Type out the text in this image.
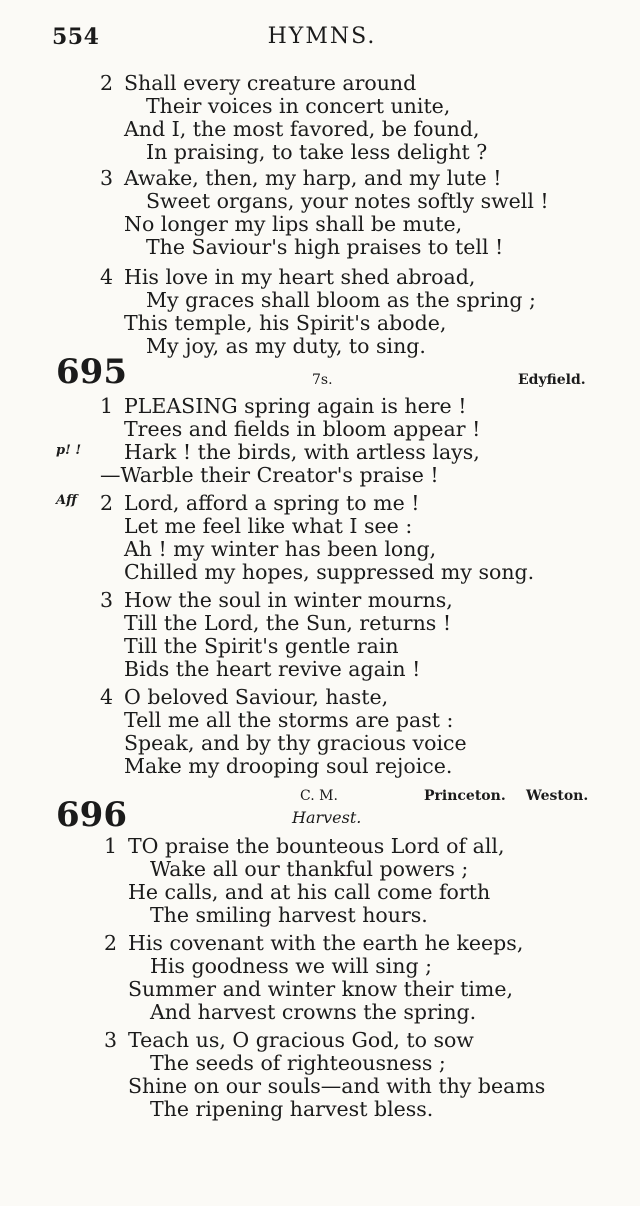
554	HYMNS.
2 Shall every creature around
Their voices in concert unite,
And I, the most favored, be found,
In praising, to take less delight ?
3 Awake, then, my harp, and my lute !
Sweet organs, your notes softly swell !
No longer my lips shall be mute,
The Saviour's high praises to tell !
4 His love in my heart shed abroad,
My graces shall bloom as the spring ;
This temple, his Spirit's abode,
My joy, as my duty, to sing.
695	7s.	Edyfield.
1 PLEASING spring again is here !
Trees and fields in bloom appear !
p! ! Hark ! the birds, with artless lays,
—Warble their Creator's praise !
Aff 2 Lord, afford a spring to me !
Let me feel like what I see :
Ah ! my winter has been long,
Chilled my hopes, suppressed my song.
3 How the soul in winter mourns,
Till the Lord, the Sun, returns !
Till the Spirit's gentle rain
Bids the heart revive again !
4 O beloved Saviour, haste,
Tell me all the storms are past :
Speak, and by thy gracious voice
Make my drooping soul rejoice.
C. M.	Princeton. Weston.
696	Harvest.
1 TO praise the bounteous Lord of all,
Wake all our thankful powers ;
He calls, and at his call come forth
The smiling harvest hours.
2 His covenant with the earth he keeps,
His goodness we will sing ;
Summer and winter know their time,
And harvest crowns the spring.
3 Teach us, O gracious God, to sow
The seeds of righteousness ;
Shine on our souls—and with thy beams
The ripening harvest bless.
